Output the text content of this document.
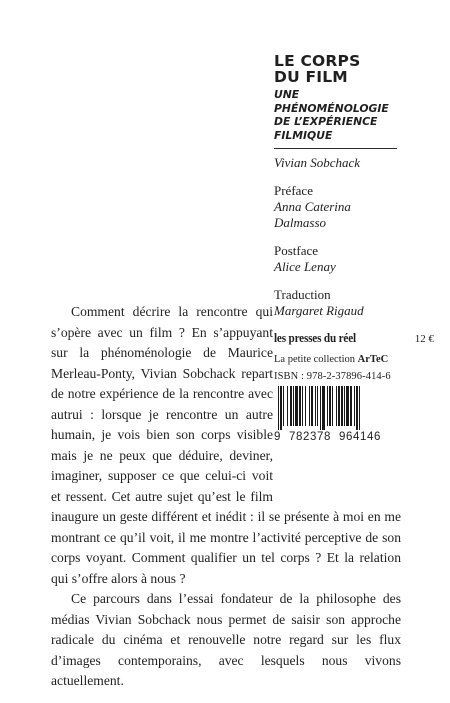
LE CORPS
DU FILM
UNE
PHÉNOMÉNOLOGIE
DE L’EXPÉRIENCE
FILMIQUE
Vivian Sobchack
Préface
Anna Caterina
Dalmasso
Postface
Alice Lenay
Traduction
Margaret Rigaud
les presses du réel	12 €
La petite collection ArTeC
ISBN : 978-2-37896-414-6
9 782378 964146

Comment décrire la rencontre qui s’opère avec un film ? En s’appuyant sur la phénoménologie de Maurice Merleau-Ponty, Vivian Sobchack repart de notre expérience de la rencontre avec autrui : lorsque je rencontre un autre humain, je vois bien son corps visible mais je ne peux que déduire, deviner, imaginer, supposer ce que celui-ci voit et ressent. Cet autre sujet qu’est le film inaugure un geste différent et inédit : il se présente à moi en me montrant ce qu’il voit, il me montre l’activité perceptive de son corps voyant. Comment qualifier un tel corps ? Et la relation qui s’offre alors à nous ?

Ce parcours dans l’essai fondateur de la philosophe des médias Vivian Sobchack nous permet de saisir son approche radicale du cinéma et renouvelle notre regard sur les flux d’images contemporains, avec lesquels nous vivons actuellement.
